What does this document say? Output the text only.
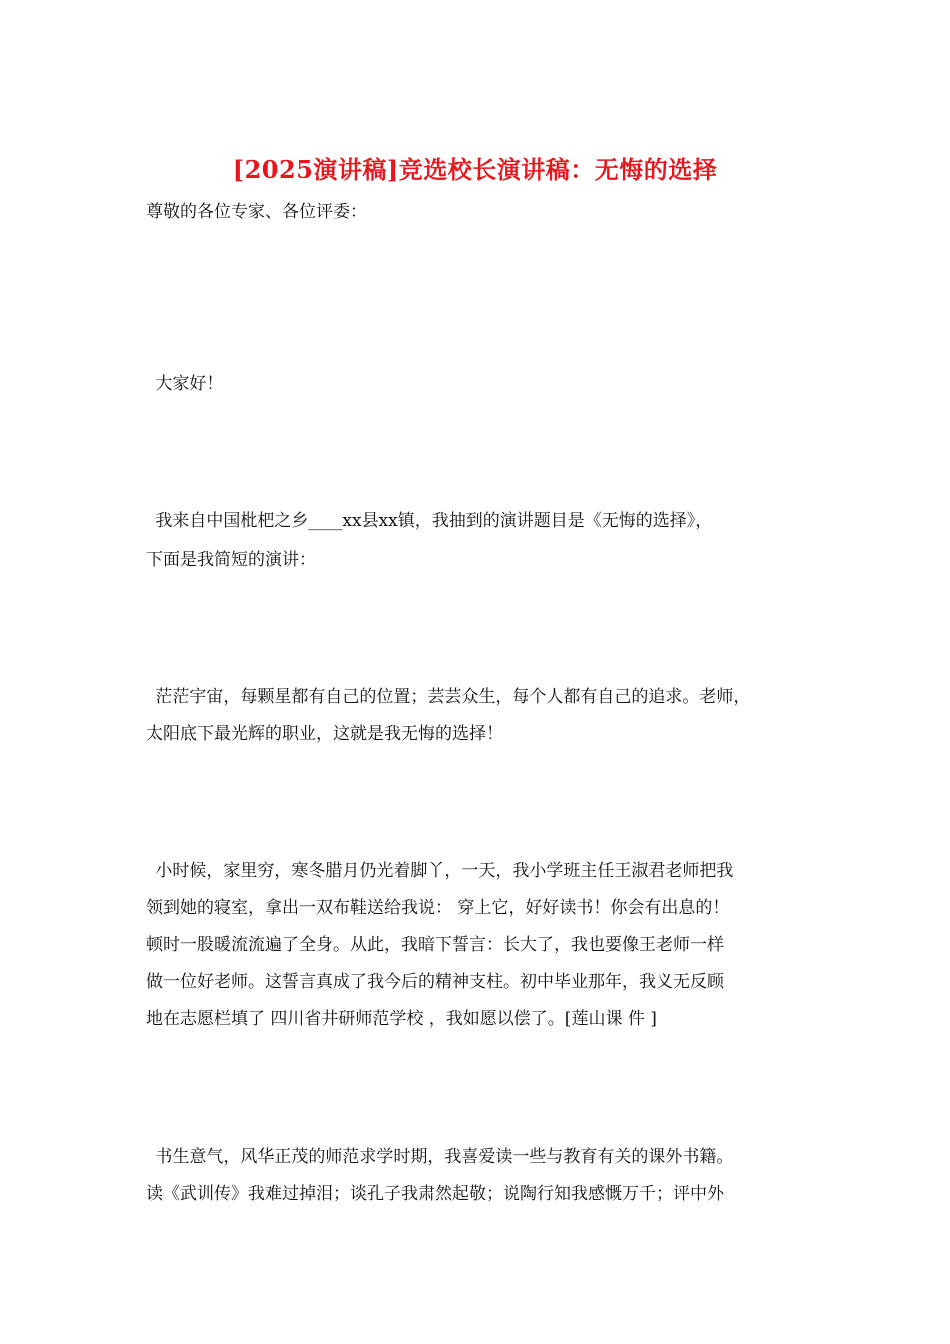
[2025演讲稿]竞选校长演讲稿：无悔的选择
尊敬的各位专家、各位评委：
大家好！
我来自中国枇杷之乡____xx县xx镇，我抽到的演讲题目是《无悔的选择》，
下面是我简短的演讲：
茫茫宇宙，每颗星都有自己的位置；芸芸众生，每个人都有自己的追求。老师，
太阳底下最光辉的职业，这就是我无悔的选择！
小时候，家里穷，寒冬腊月仍光着脚丫，一天，我小学班主任王淑君老师把我
领到她的寝室，拿出一双布鞋送给我说： 穿上它，好好读书！你会有出息的！
顿时一股暖流流遍了全身。从此，我暗下誓言：长大了，我也要像王老师一样
做一位好老师。这誓言真成了我今后的精神支柱。初中毕业那年，我义无反顾
地在志愿栏填了 四川省井研师范学校 ，我如愿以偿了。[莲山课 件 ]
书生意气，风华正茂的师范求学时期，我喜爱读一些与教育有关的课外书籍。
读《武训传》我难过掉泪；谈孔子我肃然起敬；说陶行知我感慨万千；评中外
